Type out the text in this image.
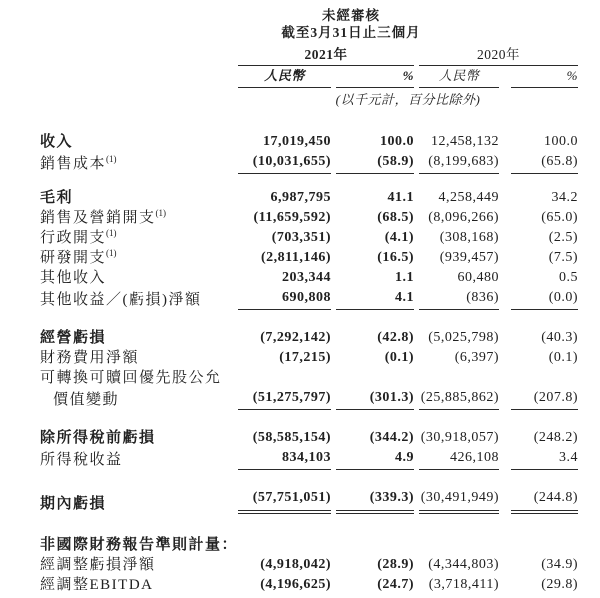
未經審核
截至3月31日止三個月

	2021年		2020年	

	人民幣	%	人民幣	%

	(以千元計，百分比除外)			

收入	17,019,450	100.0	12,458,132	100.0

銷售成本$^{(1)}$	(10,031,655)	(58.9)	(8,199,683)	(65.8)

毛利	6,987,795	41.1	4,258,449	34.2

銷售及營銷開支$^{(1)}$	(11,659,592)	(68.5)	(8,096,266)	(65.0)

行政開支$^{(1)}$	(703,351)	(4.1)	(308,168)	(2.5)

研發開支$^{(1)}$	(2,811,146)	(16.5)	(939,457)	(7.5)

其他收入	203,344	1.1	60,480	0.5

其他收益／(虧損)淨額	690,808	4.1	(836)	(0.0)

經營虧損	(7,292,142)	(42.8)	(5,025,798)	(40.3)

財務費用淨額	(17,215)	(0.1)	(6,397)	(0.1)

可轉換可贖回優先股公允	

價值變動	(51,275,797)	(301.3)	(25,885,862)	(207.8)

除所得稅前虧損	(58,585,154)	(344.2)	(30,918,057)	(248.2)

所得稅收益	834,103	4.9	426,108	3.4

期內虧損	(57,751,051)	(339.3)	(30,491,949)	(244.8)

非國際財務報告準則計量：	

經調整虧損淨額	(4,918,042)	(28.9)	(4,344,803)	(34.9)

經調整EBITDA	(4,196,625)	(24.7)	(3,718,411)	(29.8)
